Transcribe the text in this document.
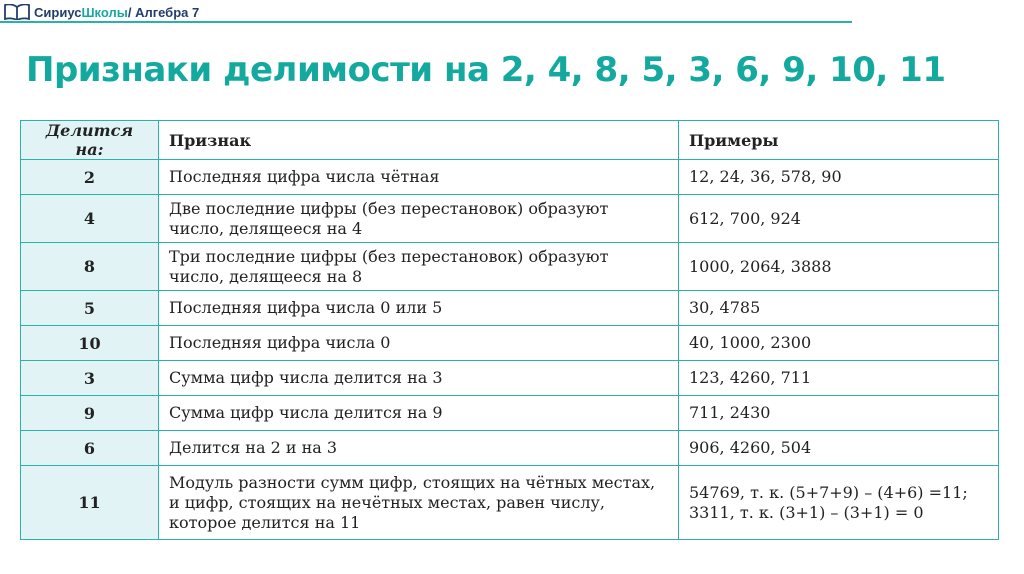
СириусШколы / Алгебра 7
Признаки делимости на 2, 4, 8, 5, 3, 6, 9, 10, 11
Делится на:	Признак	Примеры
2	Последняя цифра числа чётная	12, 24, 36, 578, 90
4	Две последние цифры (без перестановок) образуют число, делящееся на 4	612, 700, 924
8	Три последние цифры (без перестановок) образуют число, делящееся на 8	1000, 2064, 3888
5	Последняя цифра числа 0 или 5	30, 4785
10	Последняя цифра числа 0	40, 1000, 2300
3	Сумма цифр числа делится на 3	123, 4260, 711
9	Сумма цифр числа делится на 9	711, 2430
6	Делится на 2 и на 3	906, 4260, 504
11	Модуль разности сумм цифр, стоящих на чётных местах, и цифр, стоящих на нечётных местах, равен числу, которое делится на 11	54769, т. к. (5+7+9) – (4+6) =11; 3311, т. к. (3+1) – (3+1) = 0
